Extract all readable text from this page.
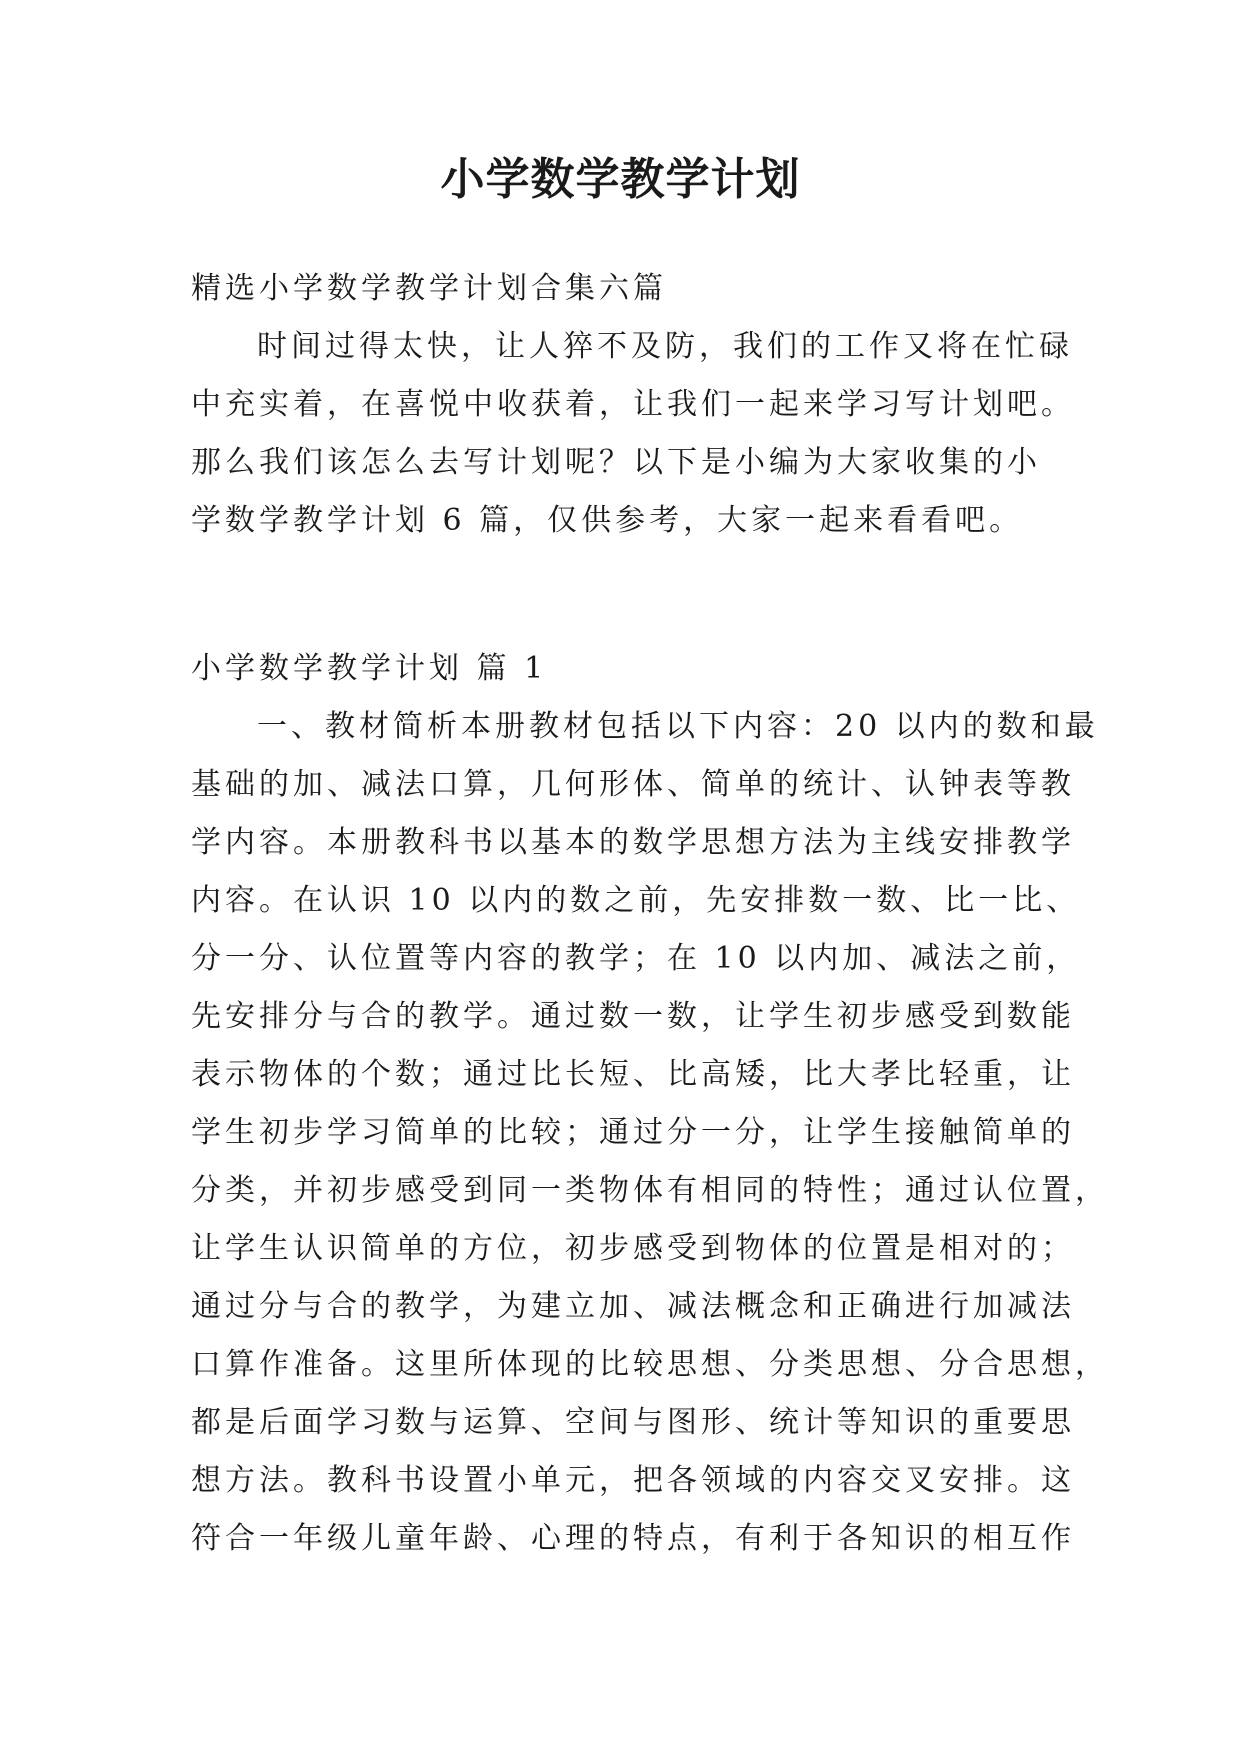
小学数学教学计划
精选小学数学教学计划合集六篇
时间过得太快，让人猝不及防，我们的工作又将在忙碌
中充实着，在喜悦中收获着，让我们一起来学习写计划吧。
那么我们该怎么去写计划呢？以下是小编为大家收集的小
学数学教学计划 6 篇，仅供参考，大家一起来看看吧。
小学数学教学计划 篇 1
一、教材简析本册教材包括以下内容：20 以内的数和最
基础的加、减法口算，几何形体、简单的统计、认钟表等教
学内容。本册教科书以基本的数学思想方法为主线安排教学
内容。在认识 10 以内的数之前，先安排数一数、比一比、
分一分、认位置等内容的教学；在 10 以内加、减法之前，
先安排分与合的教学。通过数一数，让学生初步感受到数能
表示物体的个数；通过比长短、比高矮，比大孝比轻重，让
学生初步学习简单的比较；通过分一分，让学生接触简单的
分类，并初步感受到同一类物体有相同的特性；通过认位置，
让学生认识简单的方位，初步感受到物体的位置是相对的；
通过分与合的教学，为建立加、减法概念和正确进行加减法
口算作准备。这里所体现的比较思想、分类思想、分合思想，
都是后面学习数与运算、空间与图形、统计等知识的重要思
想方法。教科书设置小单元，把各领域的内容交叉安排。这
符合一年级儿童年龄、心理的特点，有利于各知识的相互作
